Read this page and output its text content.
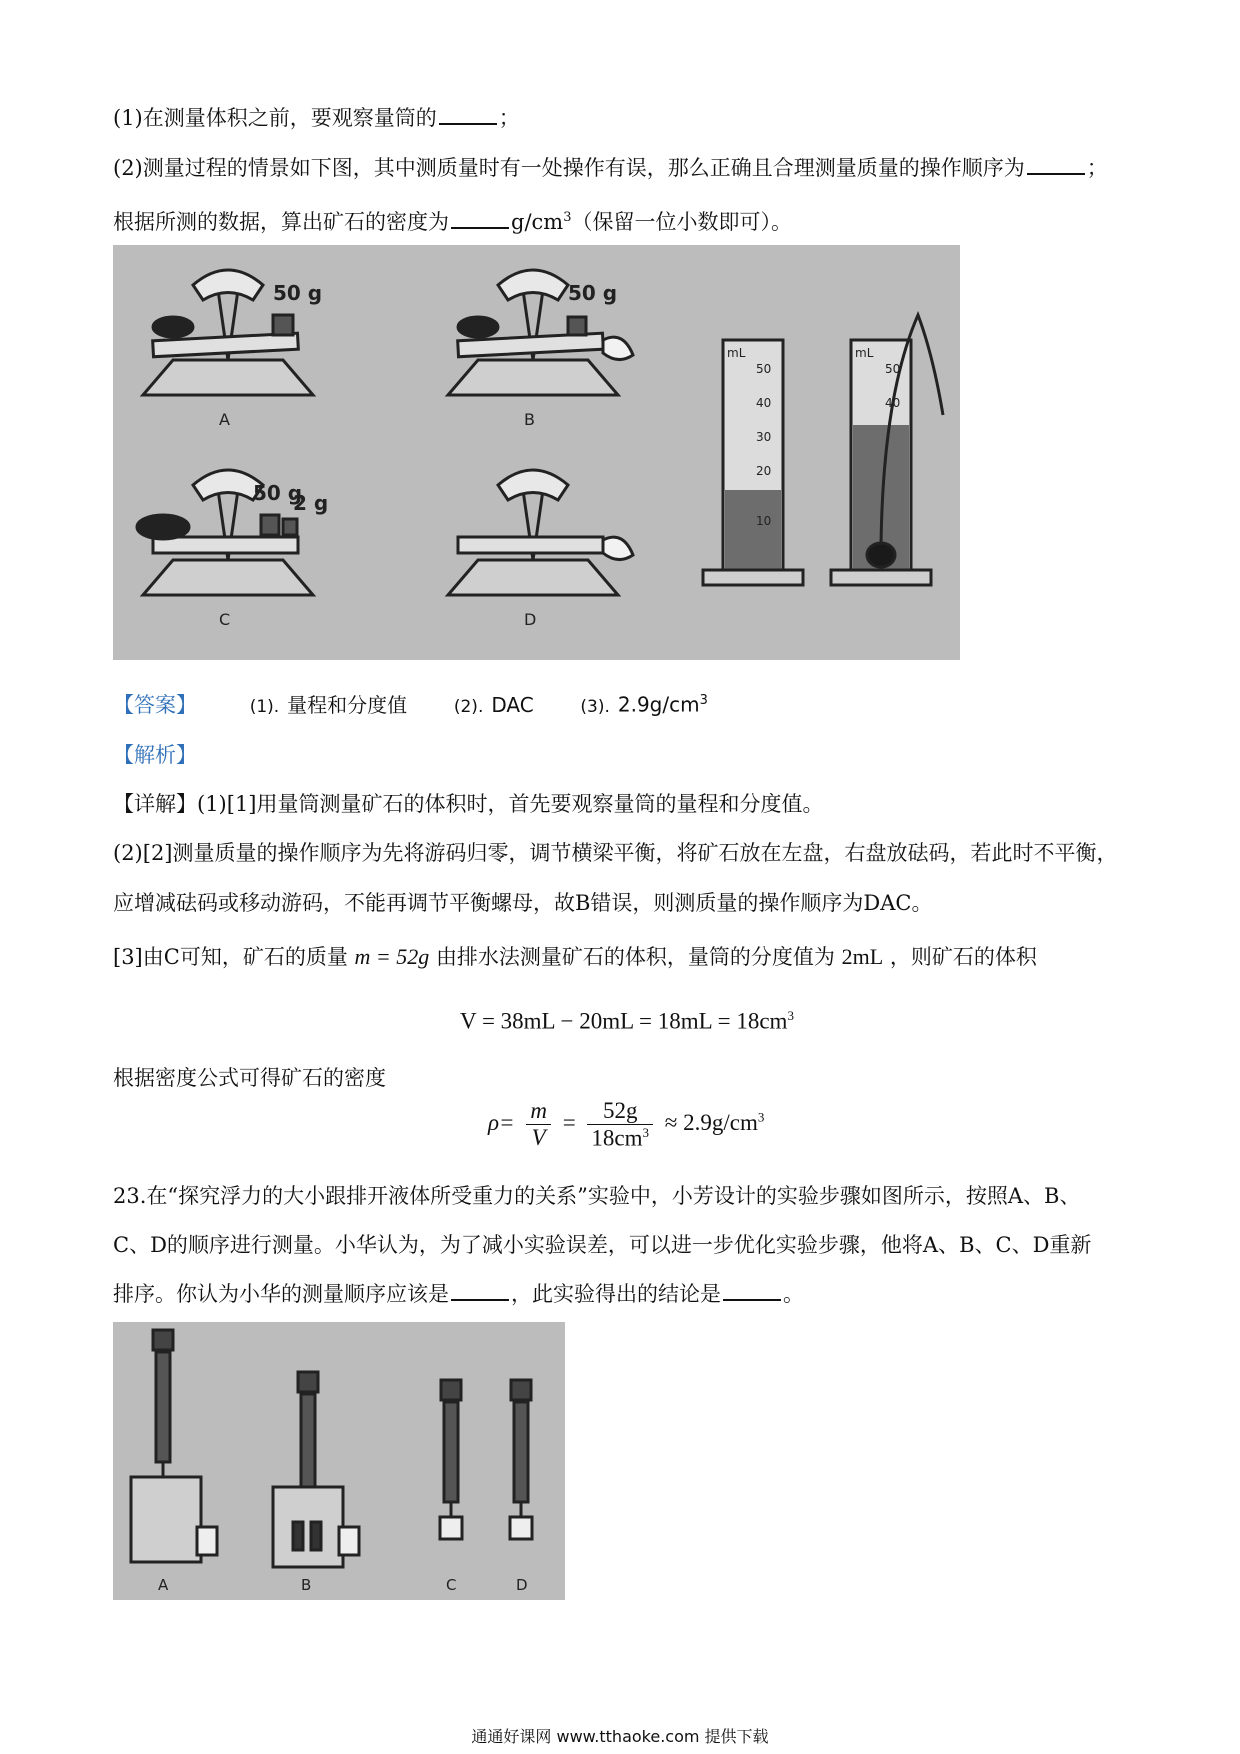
(1)在测量体积之前，要观察量筒的	；
(2)测量过程的情景如下图，其中测质量时有一处操作有误，那么正确且合理测量质量的操作顺序为	；
根据所测的数据，算出矿石的密度为	$g/cm^3$（保留一位小数即可）。
50 g	50 g
50 g
2 g
A	B
C	D
mL	mL
50
40
30
20
10
50
40
【答案】	(1). 量程和分度值	(2). DAC	(3). $2.9g/cm^3$
【解析】
【详解】(1)[1]用量筒测量矿石的体积时，首先要观察量筒的量程和分度值。
(2)[2]测量质量的操作顺序为先将游码归零，调节横梁平衡，将矿石放在左盘，右盘放砝码，若此时不平衡，
应增减砝码或移动游码，不能再调节平衡螺母，故B错误，则测质量的操作顺序为DAC。
[3]由C可知，矿石的质量 m = 52g 由排水法测量矿石的体积，量筒的分度值为 2mL ，则矿石的体积
$V = 38mL - 20mL = 18mL = 18cm^3$
根据密度公式可得矿石的密度
$\rho= \frac{m}{V} = \frac{52g}{18cm^3} \approx 2.9g/cm^3$
23.在“探究浮力的大小跟排开液体所受重力的关系”实验中，小芳设计的实验步骤如图所示，按照A、B、
C、D的顺序进行测量。小华认为，为了减小实验误差，可以进一步优化实验步骤，他将A、B、C、D重新
排序。你认为小华的测量顺序应该是	，此实验得出的结论是	。
A	B	C	D
通通好课网 www.tthaoke.com 提供下载
